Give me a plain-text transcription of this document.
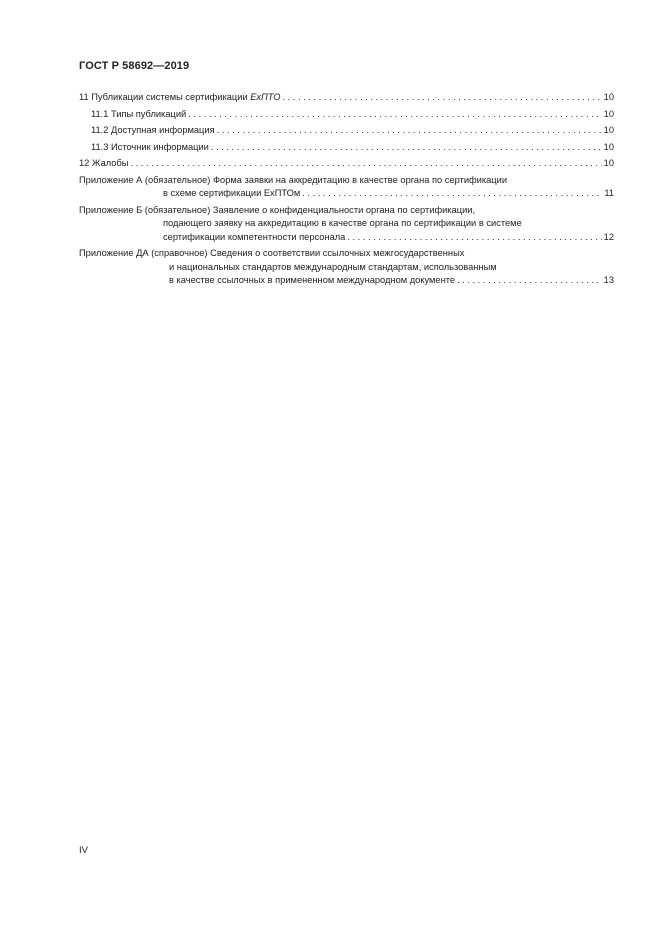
ГОСТ Р 58692—2019
11 Публикации системы сертификации ЕхПТО . . .	10
11.1 Типы публикаций . . .	10
11.2 Доступная информация . . .	10
11.3 Источник информации . . .	10
12 Жалобы . . .	10
Приложение А (обязательное) Форма заявки на аккредитацию в качестве органа по сертификации
в схеме сертификации ExПТОм . . .	11
Приложение Б (обязательное) Заявление о конфиденциальности органа по сертификации,
подающего заявку на аккредитацию в качестве органа по сертификации в системе
сертификации компетентности персонала . . .	12
Приложение ДА (справочное) Сведения о соответствии ссылочных межгосударственных
и национальных стандартов международным стандартам, использованным
в качестве ссылочных в примененном международном документе . . .	13
IV
